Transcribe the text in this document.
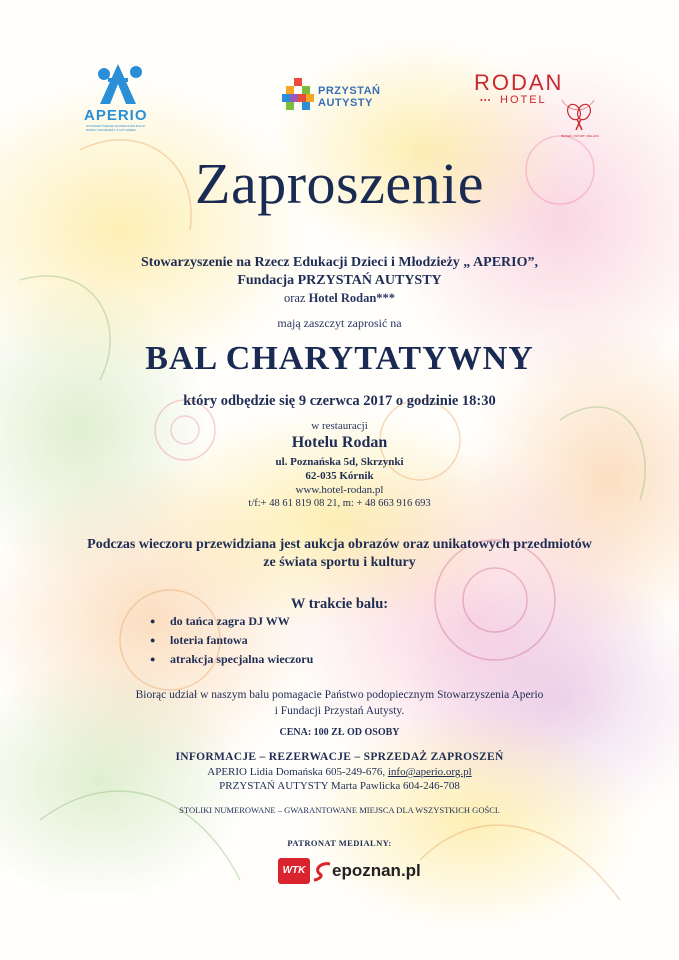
APERIO
STOWARZYSZENIE NA RZECZ EDUKACJI DZIECI I MŁODZIEŻY Z AUTYZMEM
PRZYSTAŃ
AUTYSTY
RODAN
••• HOTEL
BIZNES | SPORT | RELAKS
Zaproszenie
Stowarzyszenie na Rzecz Edukacji Dzieci i Młodzieży „ APERIO”,
Fundacja PRZYSTAŃ AUTYSTY
oraz Hotel Rodan***
mają zaszczyt zaprosić na
BAL CHARYTATYWNY
który odbędzie się 9 czerwca 2017 o godzinie 18:30
w restauracji
Hotelu Rodan
ul. Poznańska 5d, Skrzynki
62-035 Kórnik
www.hotel-rodan.pl
t/f:+ 48 61 819 08 21, m: + 48 663 916 693
Podczas wieczoru przewidziana jest aukcja obrazów oraz unikatowych przedmiotów
ze świata sportu i kultury
W trakcie balu:
● do tańca zagra DJ WW
● loteria fantowa
● atrakcja specjalna wieczoru
Biorąc udział w naszym balu pomagacie Państwo podopiecznym Stowarzyszenia Aperio
i Fundacji Przystań Autysty.
CENA: 100 ZŁ OD OSOBY
INFORMACJE – REZERWACJE – SPRZEDAŻ ZAPROSZEŃ
APERIO Lidia Domańska 605-249-676, info@aperio.org.pl
PRZYSTAŃ AUTYSTY Marta Pawlicka 604-246-708
STOLIKI NUMEROWANE – GWARANTOWANE MIEJSCA DLA WSZYSTKICH GOŚCI.
PATRONAT MEDIALNY:
WTK	epoznan.pl
